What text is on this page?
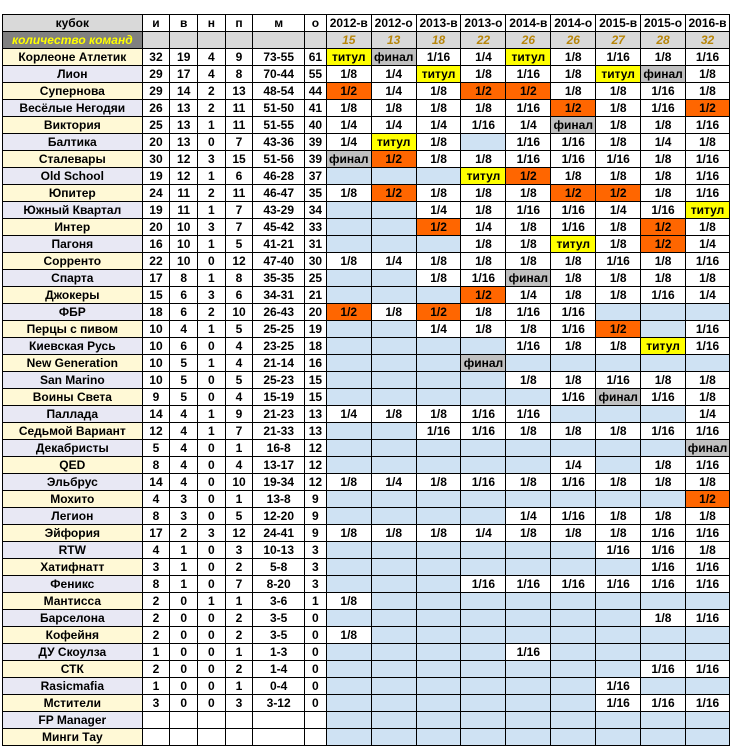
кубок	и	в	н	п	м	о	2012-в	2012-о	2013-в	2013-о	2014-в	2014-о	2015-в	2015-о	2016-в
количество команд							15	13	18	22	26	26	27	28	32
Корлеоне Атлетик	32	19	4	9	73-55	61	титул	финал	1/16	1/4	титул	1/8	1/16	1/8	1/16
Лион	29	17	4	8	70-44	55	1/8	1/4	титул	1/8	1/16	1/8	титул	финал	1/8
Супернова	29	14	2	13	48-54	44	1/2	1/4	1/8	1/2	1/2	1/8	1/8	1/16	1/8
Весёлые Негодяи	26	13	2	11	51-50	41	1/8	1/8	1/8	1/8	1/16	1/2	1/8	1/16	1/2
Виктория	25	13	1	11	51-55	40	1/4	1/4	1/4	1/16	1/4	финал	1/8	1/8	1/16
Балтика	20	13	0	7	43-36	39	1/4	титул	1/8		1/16	1/16	1/8	1/4	1/8
Сталевары	30	12	3	15	51-56	39	финал	1/2	1/8	1/8	1/16	1/16	1/16	1/8	1/16
Old School	19	12	1	6	46-28	37				титул	1/2	1/8	1/8	1/8	1/16
Юпитер	24	11	2	11	46-47	35	1/8	1/2	1/8	1/8	1/8	1/2	1/2	1/8	1/16
Южный Квартал	19	11	1	7	43-29	34			1/4	1/8	1/16	1/16	1/4	1/16	титул
Интер	20	10	3	7	45-42	33			1/2	1/4	1/8	1/16	1/8	1/2	1/8
Пагоня	16	10	1	5	41-21	31				1/8	1/8	титул	1/8	1/2	1/4
Сорренто	22	10	0	12	47-40	30	1/8	1/4	1/8	1/8	1/8	1/8	1/16	1/8	1/16
Спарта	17	8	1	8	35-35	25			1/8	1/16	финал	1/8	1/8	1/8	1/8
Джокеры	15	6	3	6	34-31	21				1/2	1/4	1/8	1/8	1/16	1/4
ФБР	18	6	2	10	26-43	20	1/2	1/8	1/2	1/8	1/16	1/16			
Перцы с пивом	10	4	1	5	25-25	19			1/4	1/8	1/8	1/16	1/2		1/16
Киевская Русь	10	6	0	4	23-25	18					1/16	1/8	1/8	титул	1/16
New Generation	10	5	1	4	21-14	16				финал					
San Marino	10	5	0	5	25-23	15					1/8	1/8	1/16	1/8	1/8
Воины Света	9	5	0	4	15-19	15						1/16	финал	1/16	1/8
Паллада	14	4	1	9	21-23	13	1/4	1/8	1/8	1/16	1/16				1/4
Седьмой Вариант	12	4	1	7	21-33	13			1/16	1/16	1/8	1/8	1/8	1/16	1/16
Декабристы	5	4	0	1	16-8	12									финал
QED	8	4	0	4	13-17	12						1/4		1/8	1/16
Эльбрус	14	4	0	10	19-34	12	1/8	1/4	1/8	1/16	1/8	1/16	1/8	1/8	1/8
Мохито	4	3	0	1	13-8	9									1/2
Легион	8	3	0	5	12-20	9					1/4	1/16	1/8	1/8	1/8
Эйфория	17	2	3	12	24-41	9	1/8	1/8	1/8	1/4	1/8	1/8	1/8	1/16	1/16
RTW	4	1	0	3	10-13	3							1/16	1/16	1/8
Хатифнатт	3	1	0	2	5-8	3								1/16	1/16
Феникс	8	1	0	7	8-20	3				1/16	1/16	1/16	1/16	1/16	1/16
Мантисса	2	0	1	1	3-6	1	1/8								
Барселона	2	0	0	2	3-5	0								1/8	1/16
Кофейня	2	0	0	2	3-5	0	1/8								
ДУ Скоулза	1	0	0	1	1-3	0					1/16				
СТК	2	0	0	2	1-4	0								1/16	1/16
Rasicmafia	1	0	0	1	0-4	0							1/16		
Мстители	3	0	0	3	3-12	0							1/16	1/16	1/16
FP Manager															
Минги Тау															
